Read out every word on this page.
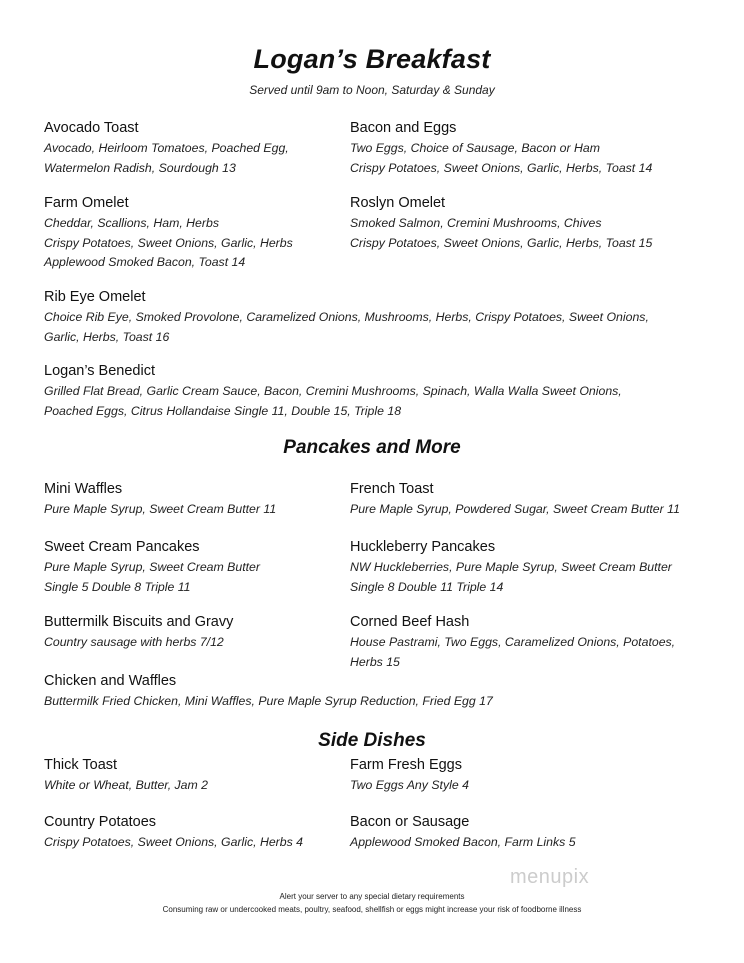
Logan’s Breakfast
Served until 9am to Noon, Saturday & Sunday
Avocado Toast
Avocado, Heirloom Tomatoes, Poached Egg,
Watermelon Radish, Sourdough 13
Bacon and Eggs
Two Eggs, Choice of Sausage, Bacon or Ham
Crispy Potatoes, Sweet Onions, Garlic, Herbs, Toast 14
Farm Omelet
Cheddar, Scallions, Ham, Herbs
Crispy Potatoes, Sweet Onions, Garlic, Herbs
Applewood Smoked Bacon, Toast 14
Roslyn Omelet
Smoked Salmon, Cremini Mushrooms, Chives
Crispy Potatoes, Sweet Onions, Garlic, Herbs, Toast 15
Rib Eye Omelet
Choice Rib Eye, Smoked Provolone, Caramelized Onions, Mushrooms, Herbs, Crispy Potatoes, Sweet Onions,
Garlic, Herbs, Toast 16
Logan’s Benedict
Grilled Flat Bread, Garlic Cream Sauce, Bacon, Cremini Mushrooms, Spinach, Walla Walla Sweet Onions,
Poached Eggs, Citrus Hollandaise Single 11, Double 15, Triple 18
Pancakes and More
Mini Waffles
Pure Maple Syrup, Sweet Cream Butter 11
French Toast
Pure Maple Syrup, Powdered Sugar, Sweet Cream Butter 11
Sweet Cream Pancakes
Pure Maple Syrup, Sweet Cream Butter
Single 5 Double 8 Triple 11
Huckleberry Pancakes
NW Huckleberries, Pure Maple Syrup, Sweet Cream Butter
Single 8 Double 11 Triple 14
Buttermilk Biscuits and Gravy
Country sausage with herbs 7/12
Corned Beef Hash
House Pastrami, Two Eggs, Caramelized Onions, Potatoes,
Herbs 15
Chicken and Waffles
Buttermilk Fried Chicken, Mini Waffles, Pure Maple Syrup Reduction, Fried Egg 17
Side Dishes
Thick Toast
White or Wheat, Butter, Jam 2
Farm Fresh Eggs
Two Eggs Any Style 4
Country Potatoes
Crispy Potatoes, Sweet Onions, Garlic, Herbs 4
Bacon or Sausage
Applewood Smoked Bacon, Farm Links 5
menupix
Alert your server to any special dietary requirements
Consuming raw or undercooked meats, poultry, seafood, shellfish or eggs might increase your risk of foodborne illness
